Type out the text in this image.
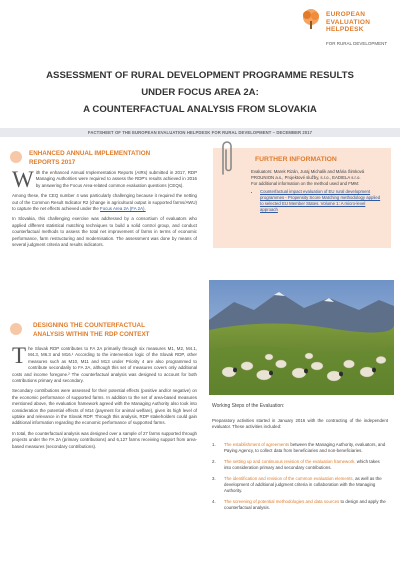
EUROPEAN
EVALUATION
HELPDESK
FOR RURAL DEVELOPMENT
ASSESSMENT OF RURAL DEVELOPMENT PROGRAMME RESULTS
UNDER FOCUS AREA 2A:
A COUNTERFACTUAL ANALYSIS FROM SLOVAKIA
FACTSHEET OF THE EUROPEAN EVALUATION HELPDESK FOR RURAL DEVELOPMENT – DECEMBER 2017
ENHANCED ANNUAL IMPLEMENTATION
REPORTS 2017

With the enhanced Annual Implementation Reports (AIRs) submitted in 2017, RDP Managing Authorities were required to assess the RDP's results achieved in 2016 by answering the Focus Area-related common evaluation questions (CEQs).

Among these, the CEQ number 4 was particularly challenging because it required the netting out of the Common Result Indicator R2 (change in agricultural output in supported farms/AWU) to capture the net effects achieved under the Focus Area 2A (FA 2A).

In Slovakia, this challenging exercise was addressed by a consortium of evaluators who applied different statistical matching techniques to build a solid control group, and conduct counterfactual methods to assess the total net improvement of farms in terms of economic performance, farm restructuring and modernisation. The assessment was done by means of several judgment criteria and results indicators.

DESIGNING THE COUNTERFACTUAL
ANALYSIS WITHIN THE RDP CONTEXT

The Slovak RDP contributes to FA 2A primarily through six measures M1, M2, M4.1, M4.3, M6.3 and M16.¹ According to the intervention logic of the Slovak RDP, other measures such as M10, M11 and M13 under Priority 4 are also programmed to contribute secondarily to FA 2A, although this set of measures covers only additional costs and income foregone.² The counterfactual analysis was designed to account for both contributions primary and secondary.

Secondary contributions were assessed for their potential effects (positive and/or negative) on the economic performance of supported farms. In addition to the set of area-based measures mentioned above, the evaluation framework agreed with the Managing Authority also took into consideration the potential effects of M14 (payment for animal welfare), given its high level of uptake and relevance in the Slovak RDP. Through this analysis, RDP stakeholders could gain additional information regarding the economic performance of supported farms.

In total, the counterfactual analysis was designed over a sample of 27 farms supported through projects under the FA 2A (primary contributions) and 6,127 farms receiving support from area-based measures (secondary contributions).

FURTHER INFORMATION
Evaluators: Marek Rizán, Juraj Michalik and Mária Šimková PROUNION a.s., Projektové služby, s.r.o., EADIELA s.r.o.
For additional information on the method used and FMM:
• Counterfactual impact evaluation of EU rural development programmes - Propensity Score Matching methodology applied to selected EU Member States. Volume 1: A micro-level approach
Working Steps of the Evaluation:
Preparatory activities started in January 2016 with the contracting of the independent evaluator. These activities included:
1. The establishment of agreements between the Managing Authority, evaluators, and Paying Agency, to collect data from beneficiaries and non-beneficiaries.
2. The setting up and continuous revision of the evaluation framework, which takes into consideration primary and secondary contributions.
3. The identification and revision of the common evaluation elements, as well as the development of additional judgment criteria in collaboration with the Managing Authority.
4. The screening of potential methodologies and data sources to design and apply the counterfactual analysis.
